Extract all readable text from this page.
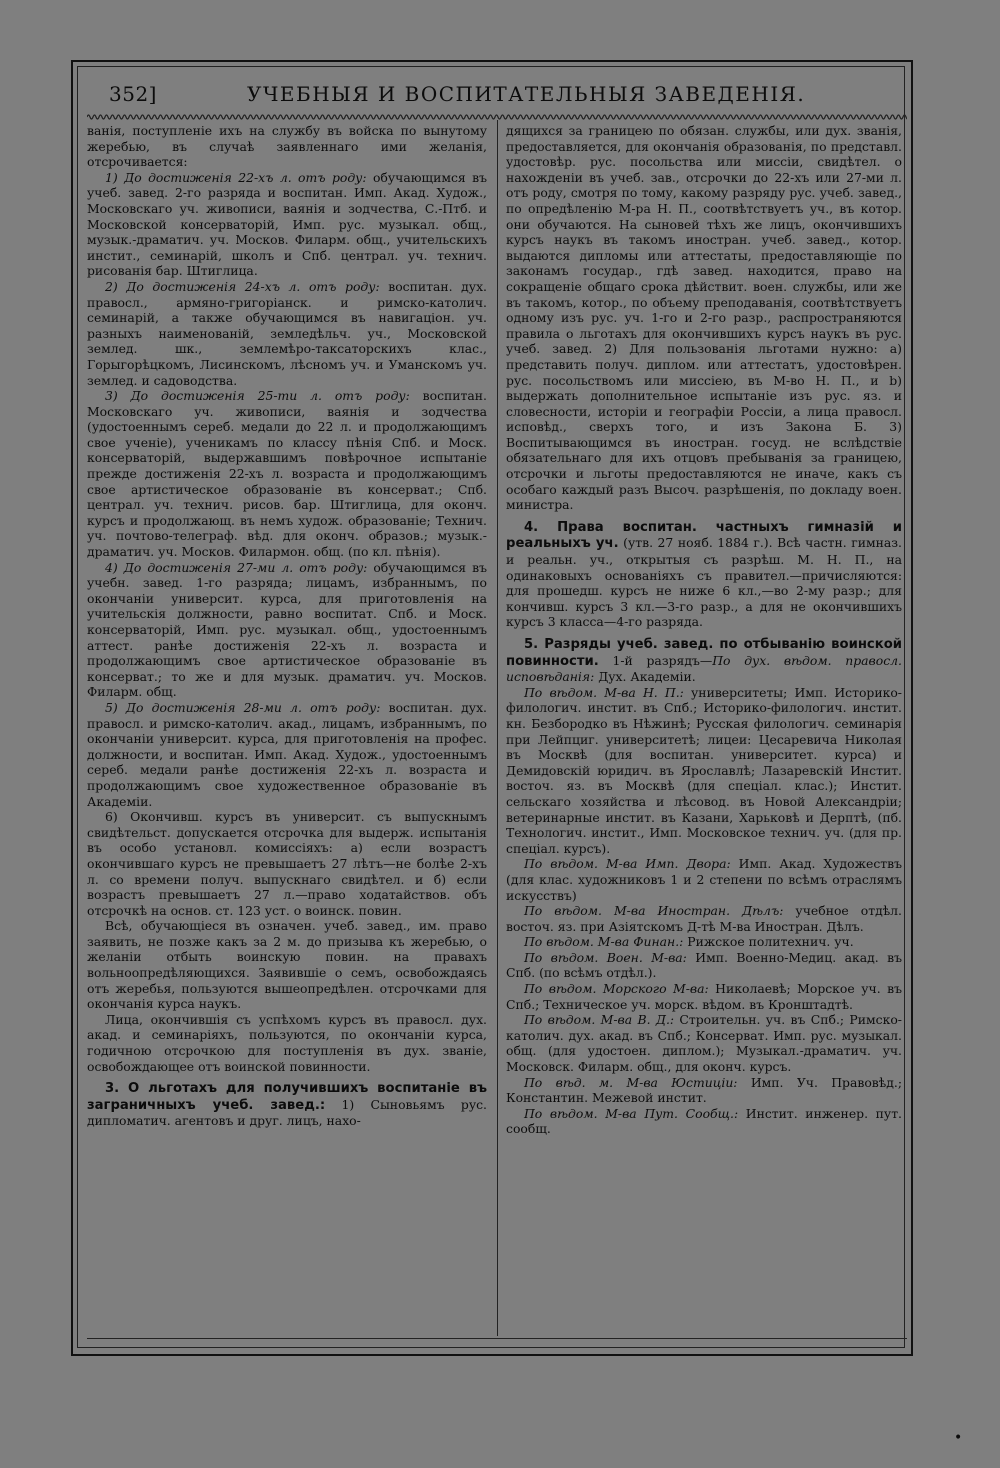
352]	УЧЕБНЫЯ И ВОСПИТАТЕЛЬНЫЯ ЗАВЕДЕНІЯ.

ванія, поступленіе ихъ на службу въ войска по вынутому жеребью, въ случаѣ заявленнаго ими желанія, отсрочивается:

1) До достиженія 22-хъ л. отъ роду: обучающимся въ учеб. завед. 2-го разряда и воспитан. Имп. Акад. Худож., Московскаго уч. живописи, ваянія и зодчества, С.-Птб. и Московской консерваторій, Имп. рус. музыкал. общ., музык.-драматич. уч. Москов. Филарм. общ., учительскихъ инстит., семинарій, школъ и Спб. централ. уч. технич. рисованія бар. Штиглица.

2) До достиженія 24-хъ л. отъ роду: воспитан. дух. правосл., армяно-григоріанск. и римско-католич. семинарій, а также обучающимся въ навигаціон. уч. разныхъ наименованій, земледѣльч. уч., Московской землед. шк., землемѣро-таксаторскихъ клас., Горыгорѣцкомъ, Лисинскомъ, лѣсномъ уч. и Уманскомъ уч. землед. и садоводства.

3) До достиженія 25-ти л. отъ роду: воспитан. Московскаго уч. живописи, ваянія и зодчества (удостоеннымъ сереб. медали до 22 л. и продолжающимъ свое ученіе), ученикамъ по классу пѣнія Спб. и Моск. консерваторій, выдержавшимъ повѣрочное испытаніе прежде достиженія 22-хъ л. возраста и продолжающимъ свое артистическое образованіе въ консерват.; Спб. централ. уч. технич. рисов. бар. Штиглица, для оконч. курсъ и продолжающ. въ немъ худож. образованіе; Технич. уч. почтово-телеграф. вѣд. для оконч. образов.; музык.-драматич. уч. Москов. Филармон. общ. (по кл. пѣнія).

4) До достиженія 27-ми л. отъ роду: обучающимся въ учебн. завед. 1-го разряда; лицамъ, избраннымъ, по окончаніи университ. курса, для приготовленія на учительскія должности, равно воспитат. Спб. и Моск. консерваторій, Имп. рус. музыкал. общ., удостоеннымъ аттест. ранѣе достиженія 22-хъ л. возраста и продолжающимъ свое артистическое образованіе въ консерват.; то же и для музык. драматич. уч. Москов. Филарм. общ.

5) До достиженія 28-ми л. отъ роду: воспитан. дух. правосл. и римско-католич. акад., лицамъ, избраннымъ, по окончаніи университ. курса, для приготовленія на профес. должности, и воспитан. Имп. Акад. Худож., удостоеннымъ сереб. медали ранѣе достиженія 22-хъ л. возраста и продолжающимъ свое художественное образованіе въ Академіи.

6) Окончивш. курсъ въ университ. съ выпускнымъ свидѣтельст. допускается отсрочка для выдерж. испытанія въ особо установл. комиссіяхъ: а) если возрастъ окончившаго курсъ не превышаетъ 27 лѣтъ—не болѣе 2-хъ л. со времени получ. выпускнаго свидѣтел. и б) если возрастъ превышаетъ 27 л.—право ходатайствов. объ отсрочкѣ на основ. ст. 123 уст. о воинск. повин.

Всѣ, обучающіеся въ означен. учеб. завед., им. право заявить, не позже какъ за 2 м. до призыва къ жеребью, о желаніи отбыть воинскую повин. на правахъ вольноопредѣляющихся. Заявившіе о семъ, освобождаясь отъ жеребья, пользуются вышеопредѣлен. отсрочками для окончанія курса наукъ.

Лица, окончившія съ успѣхомъ курсъ въ правосл. дух. акад. и семинаріяхъ, пользуются, по окончаніи курса, годичною отсрочкою для поступленія въ дух. званіе, освобождающее отъ воинской повинности.

3. О льготахъ для получившихъ воспитаніе въ заграничныхъ учеб. завед.: 1) Сыновьямъ рус. дипломатич. агентовъ и друг. лицъ, нахо-

дящихся за границею по обязан. службы, или дух. званія, предоставляется, для окончанія образованія, по представл. удостовѣр. рус. посольства или миссіи, свидѣтел. о нахожденіи въ учеб. зав., отсрочки до 22-хъ или 27-ми л. отъ роду, смотря по тому, какому разряду рус. учеб. завед., по опредѣленію М-ра Н. П., соотвѣтствуетъ уч., въ котор. они обучаются. На сыновей тѣхъ же лицъ, окончившихъ курсъ наукъ въ такомъ иностран. учеб. завед., котор. выдаются дипломы или аттестаты, предоставляющіе по законамъ государ., гдѣ завед. находится, право на сокращеніе общаго срока дѣйствит. воен. службы, или же въ такомъ, котор., по объему преподаванія, соотвѣтствуетъ одному изъ рус. уч. 1-го и 2-го разр., распространяются правила о льготахъ для окончившихъ курсъ наукъ въ рус. учеб. завед. 2) Для пользованія льготами нужно: а) представить получ. диплом. или аттестатъ, удостовѣрен. рус. посольствомъ или миссіею, въ М-во Н. П., и b) выдержать дополнительное испытаніе изъ рус. яз. и словесности, исторіи и географіи Россіи, а лица правосл. исповѣд., сверхъ того, и изъ Закона Б. 3) Воспитывающимся въ иностран. госуд. не вслѣдствіе обязательнаго для ихъ отцовъ пребыванія за границею, отсрочки и льготы предоставляются не иначе, какъ съ особаго каждый разъ Высоч. разрѣшенія, по докладу воен. министра.

4. Права воспитан. частныхъ гимназій и реальныхъ уч. (утв. 27 нояб. 1884 г.). Всѣ частн. гимназ. и реальн. уч., открытыя съ разрѣш. М. Н. П., на одинаковыхъ основаніяхъ съ правител.—причисляются: для прошедш. курсъ не ниже 6 кл.,—во 2-му разр.; для кончивш. курсъ 3 кл.—3-го разр., а для не окончившихъ курсъ 3 класса—4-го разряда.

5. Разряды учеб. завед. по отбыванію воинской повинности. 1-й разрядъ—По дух. вѣдом. правосл. исповѣданія: Дух. Академіи.

По вѣдом. М-ва Н. П.: университеты; Имп. Историко-филологич. инстит. въ Спб.; Историко-филологич. инстит. кн. Безбородко въ Нѣжинѣ; Русская филологич. семинарія при Лейпциг. университетѣ; лицеи: Цесаревича Николая въ Москвѣ (для воспитан. университет. курса) и Демидовскій юридич. въ Ярославлѣ; Лазаревскій Инстит. восточ. яз. въ Москвѣ (для спеціал. клас.); Инстит. сельскаго хозяйства и лѣсовод. въ Новой Александріи; ветеринарные инстит. въ Казани, Харьковѣ и Дерптѣ, (пб. Технологич. инстит., Имп. Московское технич. уч. (для пр. спеціал. курсъ).

По вѣдом. М-ва Имп. Двора: Имп. Акад. Художествъ (для клас. художниковъ 1 и 2 степени по всѣмъ отраслямъ искусствъ)

По вѣдом. М-ва Иностран. Дѣлъ: учебное отдѣл. восточ. яз. при Азіятскомъ Д-тѣ М-ва Иностран. Дѣлъ.

По вѣдом. М-ва Финан.: Рижское политехнич. уч.

По вѣдом. Воен. М-ва: Имп. Военно-Медиц. акад. въ Спб. (по всѣмъ отдѣл.).

По вѣдом. Морского М-ва: Николаевѣ; Морское уч. въ Спб.; Техническое уч. морск. вѣдом. въ Кронштадтѣ.

По вѣдом. М-ва В. Д.: Строительн. уч. въ Спб.; Римско-католич. дух. акад. въ Спб.; Консерват. Имп. рус. музыкал. общ. (для удостоен. диплом.); Музыкал.-драматич. уч. Московск. Филарм. общ., для оконч. курсъ.

По вѣд. м. М-ва Юстиціи: Имп. Уч. Правовѣд.; Константин. Межевой инстит.

По вѣдом. М-ва Пут. Сообщ.: Инстит. инженер. пут. сообщ.

•
